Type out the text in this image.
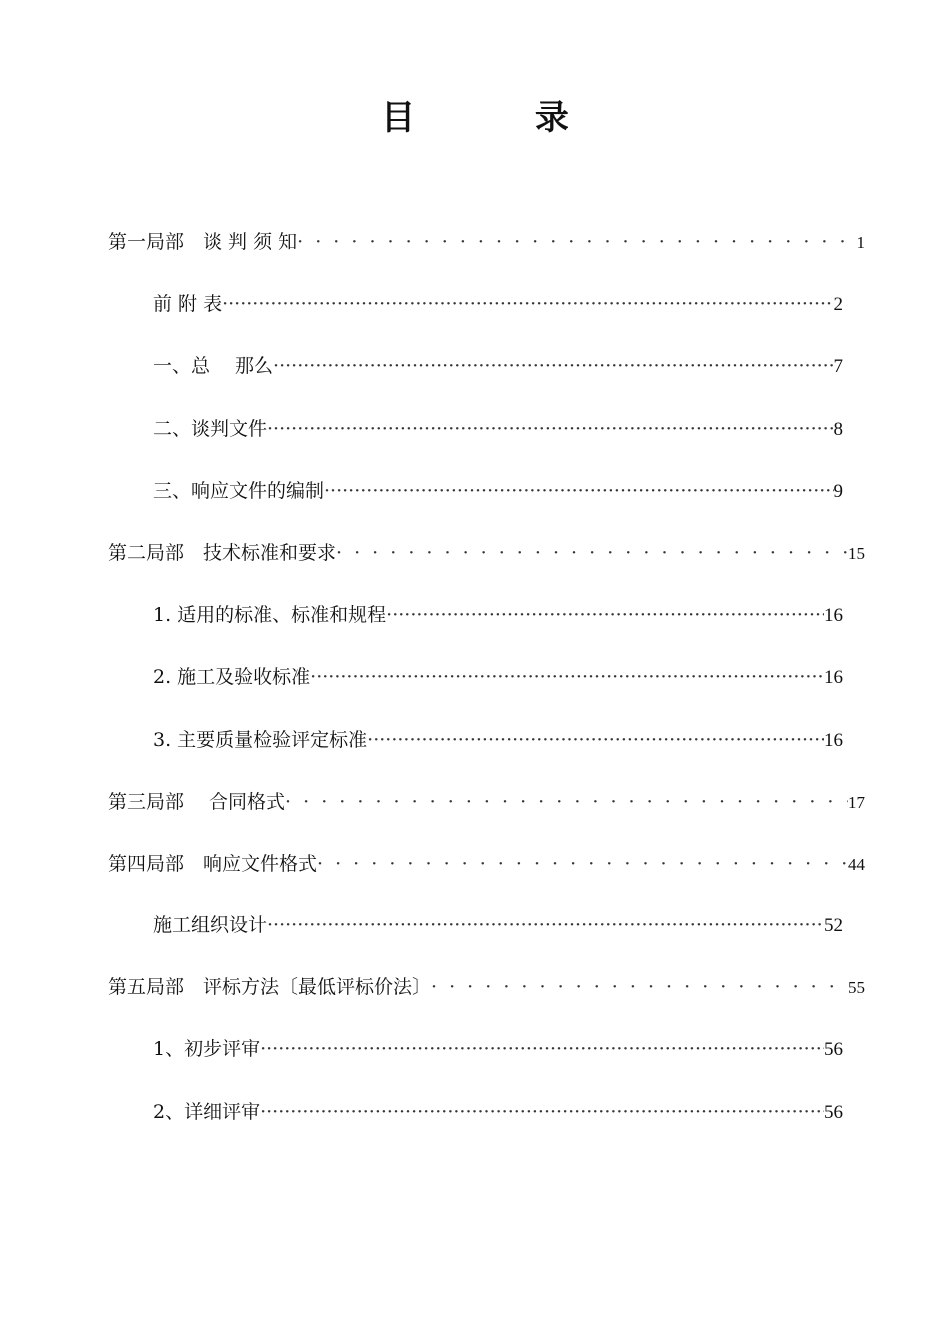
目 录
第一局部　谈 判 须 知 · · ·	1
前 附 表 ·····	2
一、总　 那么 ·····	7
二、谈判文件 ·····	8
三、响应文件的编制 ·····	9
第二局部　技术标准和要求 · · ·	15
1. 适用的标准、标准和规程 ·····	16
2. 施工及验收标准 ·····	16
3. 主要质量检验评定标准 ·····	16
第三局部　 合同格式 · · ·	17
第四局部　响应文件格式 · · ·	44
施工组织设计 ·····	52
第五局部　评标方法〔最低评标价法〕 · · ·	55
1、初步评审 ·····	56
2、详细评审 ·····	56
